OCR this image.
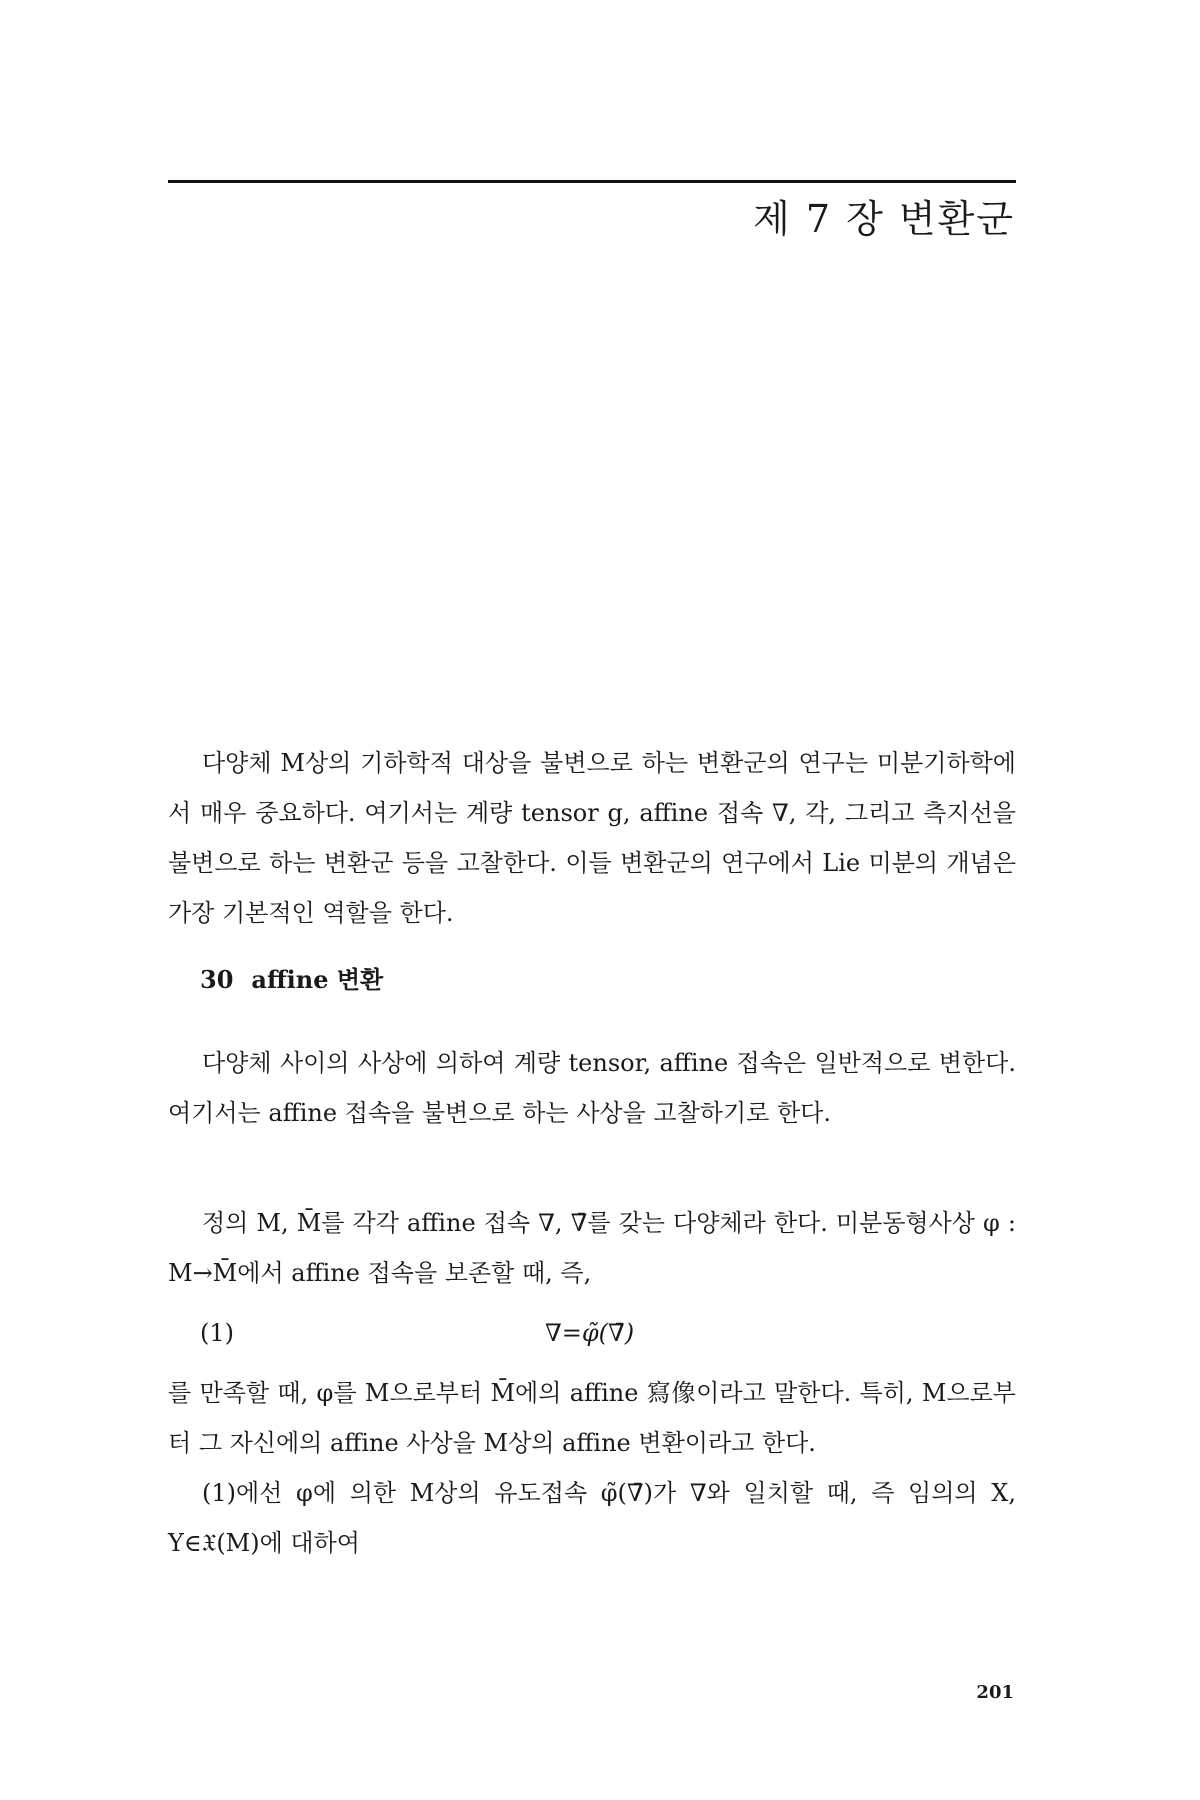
제 7 장 변환군

다양체 M상의 기하학적 대상을 불변으로 하는 변환군의 연구는 미분기하학에서 매우 중요하다. 여기서는 계량 tensor g, affine 접속 ∇, 각, 그리고 측지선을 불변으로 하는 변환군 등을 고찰한다. 이들 변환군의 연구에서 Lie 미분의 개념은 가장 기본적인 역할을 한다.

30 affine 변환

다양체 사이의 사상에 의하여 계량 tensor, affine 접속은 일반적으로 변한다. 여기서는 affine 접속을 불변으로 하는 사상을 고찰하기로 한다.

정의 M, M̄를 각각 affine 접속 ∇, ∇̄를 갖는 다양체라 한다. 미분동형사상 φ : M→M̄에서 affine 접속을 보존할 때, 즉,

(1)	∇=φ̃(∇̄)

를 만족할 때, φ를 M으로부터 M̄에의 affine 寫像이라고 말한다. 특히, M으로부터 그 자신에의 affine 사상을 M상의 affine 변환이라고 한다.

(1)에선 φ에 의한 M상의 유도접속 φ̃(∇̄)가 ∇와 일치할 때, 즉 임의의 X, Y∈𝔛(M)에 대하여

201
